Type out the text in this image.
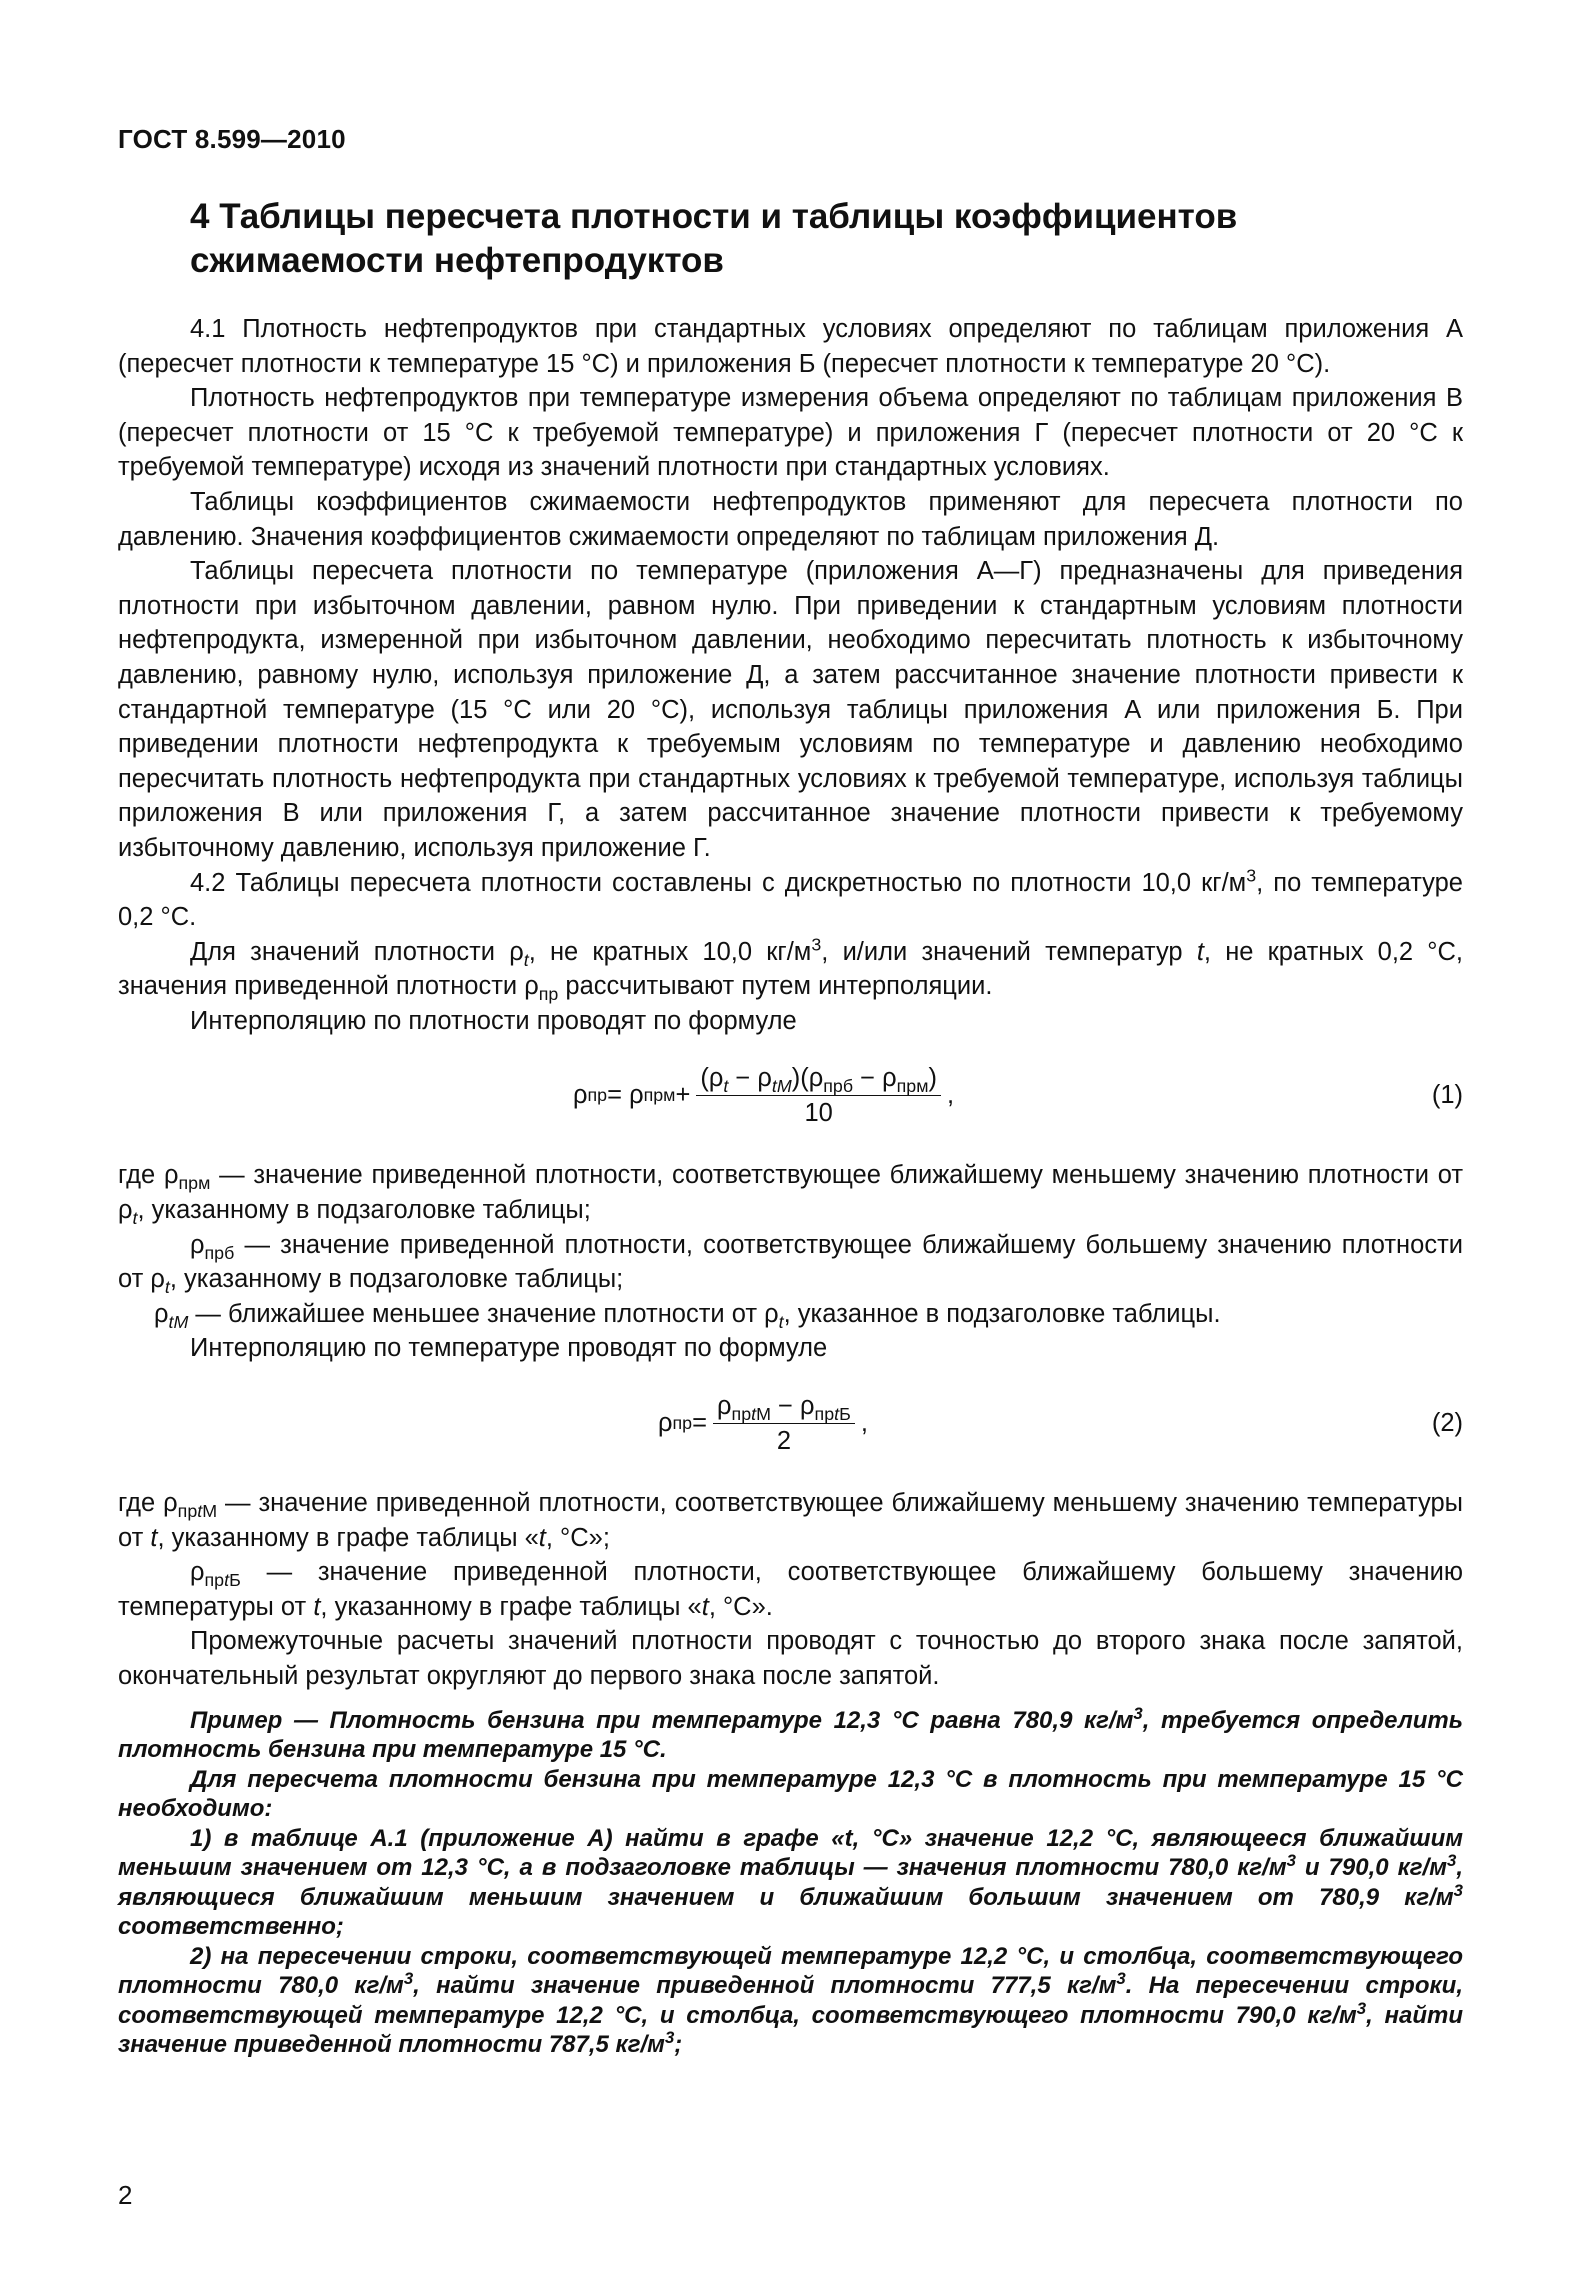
ГОСТ 8.599—2010
4 Таблицы пересчета плотности и таблицы коэффициентов сжимаемости нефтепродуктов

4.1 Плотность нефтепродуктов при стандартных условиях определяют по таблицам приложения А (пересчет плотности к температуре 15 °С) и приложения Б (пересчет плотности к температуре 20 °С).

Плотность нефтепродуктов при температуре измерения объема определяют по таблицам приложения В (пересчет плотности от 15 °С к требуемой температуре) и приложения Г (пересчет плотности от 20 °С к требуемой температуре) исходя из значений плотности при стандартных условиях.

Таблицы коэффициентов сжимаемости нефтепродуктов применяют для пересчета плотности по давлению. Значения коэффициентов сжимаемости определяют по таблицам приложения Д.

Таблицы пересчета плотности по температуре (приложения А—Г) предназначены для приведения плотности при избыточном давлении, равном нулю. При приведении к стандартным условиям плотности нефтепродукта, измеренной при избыточном давлении, необходимо пересчитать плотность к избыточному давлению, равному нулю, используя приложение Д, а затем рассчитанное значение плотности привести к стандартной температуре (15 °С или 20 °С), используя таблицы приложения А или приложения Б. При приведении плотности нефтепродукта к требуемым условиям по температуре и давлению необходимо пересчитать плотность нефтепродукта при стандартных условиях к требуемой температуре, используя таблицы приложения В или приложения Г, а затем рассчитанное значение плотности привести к требуемому избыточному давлению, используя приложение Г.

4.2 Таблицы пересчета плотности составлены с дискретностью по плотности 10,0 $кг/м^3$, по температуре 0,2 °С.

Для значений плотности $\rho_t$, не кратных 10,0 $кг/м^3$, и/или значений температур t, не кратных 0,2 °С, значения приведенной плотности $\rho_{пр}$ рассчитывают путем интерполяции.

Интерполяцию по плотности проводят по формуле

ρ пр = ρ прм + $\frac{(\rho_t - \rho_{tМ})(\rho_{прб} - \rho_{прм})}{10}$ ,	(1)

где $\rho_{прм}$ — значение приведенной плотности, соответствующее ближайшему меньшему значению плотности от $\rho_t$, указанному в подзаголовке таблицы;

$\rho_{прб}$ — значение приведенной плотности, соответствующее ближайшему большему значению плотности от $\rho_t$, указанному в подзаголовке таблицы;

$\rho_{tМ}$ — ближайшее меньшее значение плотности от $\rho_t$, указанное в подзаголовке таблицы.

Интерполяцию по температуре проводят по формуле

ρ пр = $\frac{\rho_{прtМ} - \rho_{прtБ}}{2}$ ,	(2)

где $\rho_{прtМ}$ — значение приведенной плотности, соответствующее ближайшему меньшему значению температуры от t, указанному в графе таблицы «t, °С»;

$\rho_{прtБ}$ — значение приведенной плотности, соответствующее ближайшему большему значению температуры от t, указанному в графе таблицы «t, °С».

Промежуточные расчеты значений плотности проводят с точностью до второго знака после запятой, окончательный результат округляют до первого знака после запятой.

Пример — Плотность бензина при температуре 12,3 °С равна 780,9 $кг/м^3$, требуется определить плотность бензина при температуре 15 °С.

Для пересчета плотности бензина при температуре 12,3 °С в плотность при температуре 15 °С необходимо:

1) в таблице А.1 (приложение А) найти в графе «t, °С» значение 12,2 °С, являющееся ближайшим меньшим значением от 12,3 °С, а в подзаголовке таблицы — значения плотности 780,0 $кг/м^3$ и 790,0 $кг/м^3$, являющиеся ближайшим меньшим значением и ближайшим большим значением от 780,9 $кг/м^3$ соответственно;

2) на пересечении строки, соответствующей температуре 12,2 °С, и столбца, соответствующего плотности 780,0 $кг/м^3$, найти значение приведенной плотности 777,5 $кг/м^3$. На пересечении строки, соответствующей температуре 12,2 °С, и столбца, соответствующего плотности 790,0 $кг/м^3$, найти значение приведенной плотности 787,5 $кг/м^3$;

2
